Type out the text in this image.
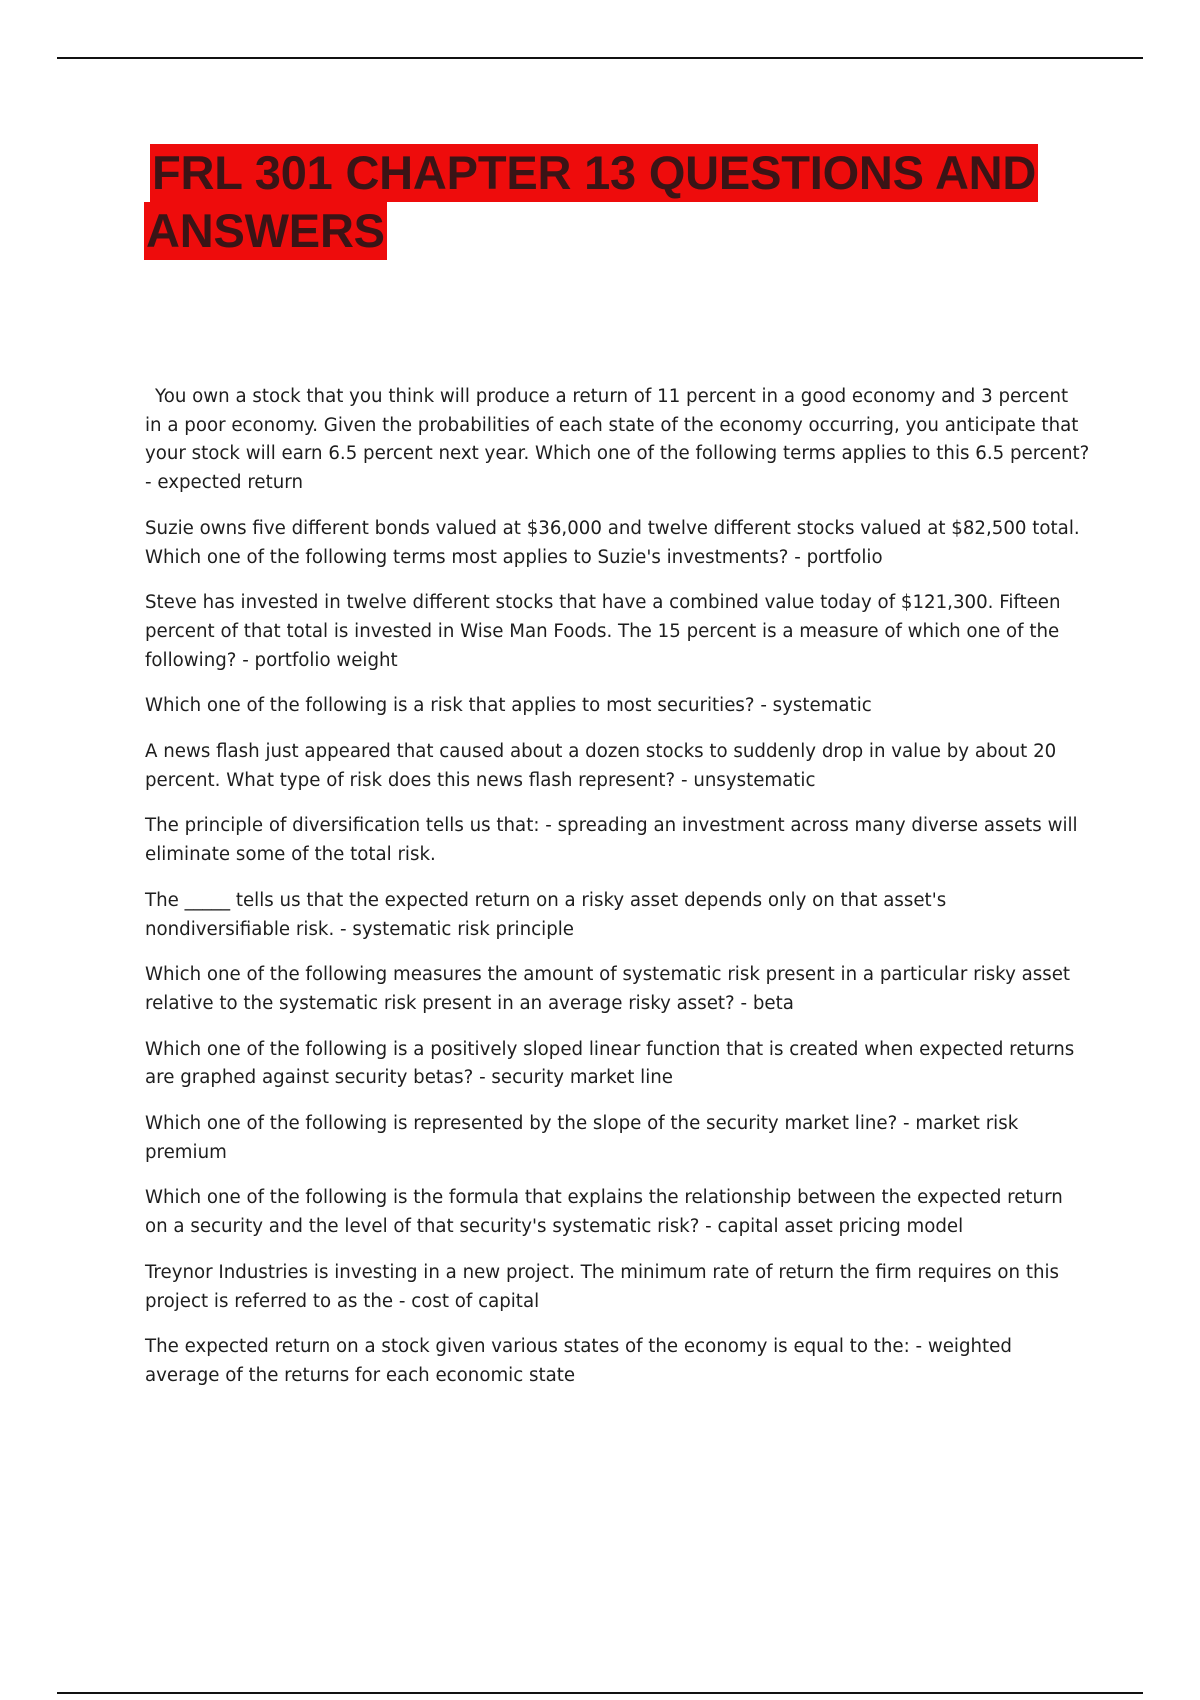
FRL 301 CHAPTER 13 QUESTIONS AND
ANSWERS

You own a stock that you think will produce a return of 11 percent in a good economy and 3 percent in a poor economy. Given the probabilities of each state of the economy occurring, you anticipate that your stock will earn 6.5 percent next year. Which one of the following terms applies to this 6.5 percent? - expected return

Suzie owns five different bonds valued at $36,000 and twelve different stocks valued at $82,500 total. Which one of the following terms most applies to Suzie's investments? - portfolio

Steve has invested in twelve different stocks that have a combined value today of $121,300. Fifteen percent of that total is invested in Wise Man Foods. The 15 percent is a measure of which one of the following? - portfolio weight

Which one of the following is a risk that applies to most securities? - systematic

A news flash just appeared that caused about a dozen stocks to suddenly drop in value by about 20 percent. What type of risk does this news flash represent? - unsystematic

The principle of diversification tells us that: - spreading an investment across many diverse assets will eliminate some of the total risk.

The _____ tells us that the expected return on a risky asset depends only on that asset's nondiversifiable risk. - systematic risk principle

Which one of the following measures the amount of systematic risk present in a particular risky asset relative to the systematic risk present in an average risky asset? - beta

Which one of the following is a positively sloped linear function that is created when expected returns are graphed against security betas? - security market line

Which one of the following is represented by the slope of the security market line? - market risk premium

Which one of the following is the formula that explains the relationship between the expected return on a security and the level of that security's systematic risk? - capital asset pricing model

Treynor Industries is investing in a new project. The minimum rate of return the firm requires on this project is referred to as the - cost of capital

The expected return on a stock given various states of the economy is equal to the: - weighted average of the returns for each economic state
